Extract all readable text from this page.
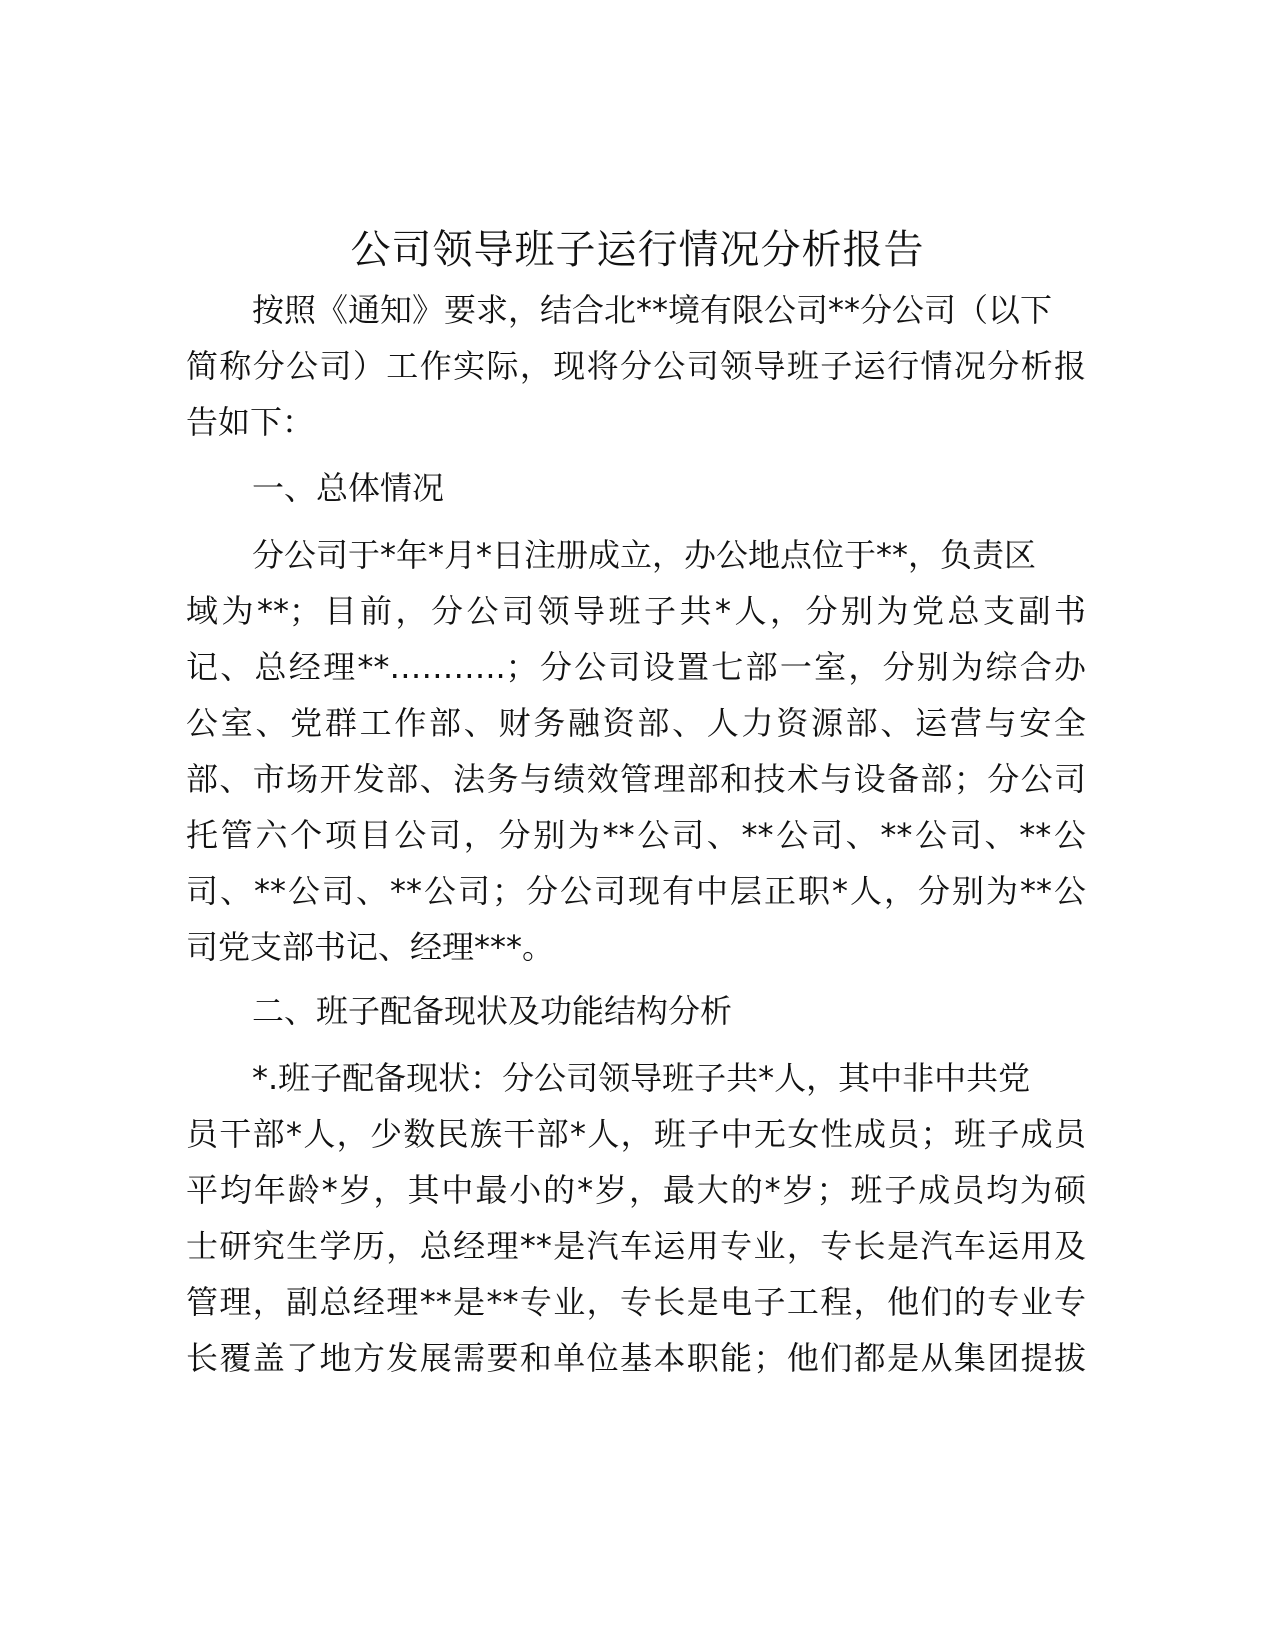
公司领导班子运行情况分析报告
按照《通知》要求，结合北**境有限公司**分公司（以下
简称分公司）工作实际，现将分公司领导班子运行情况分析报
告如下：
一、总体情况
分公司于*年*月*日注册成立，办公地点位于**，负责区
域为**；目前，分公司领导班子共*人，分别为党总支副书
记、总经理**………..；分公司设置七部一室，分别为综合办
公室、党群工作部、财务融资部、人力资源部、运营与安全
部、市场开发部、法务与绩效管理部和技术与设备部；分公司
托管六个项目公司，分别为**公司、**公司、**公司、**公
司、**公司、**公司；分公司现有中层正职*人，分别为**公
司党支部书记、经理***。
二、班子配备现状及功能结构分析
*.班子配备现状：分公司领导班子共*人，其中非中共党
员干部*人，少数民族干部*人，班子中无女性成员；班子成员
平均年龄*岁，其中最小的*岁，最大的*岁；班子成员均为硕
士研究生学历，总经理**是汽车运用专业，专长是汽车运用及
管理，副总经理**是**专业，专长是电子工程，他们的专业专
长覆盖了地方发展需要和单位基本职能；他们都是从集团提拔
